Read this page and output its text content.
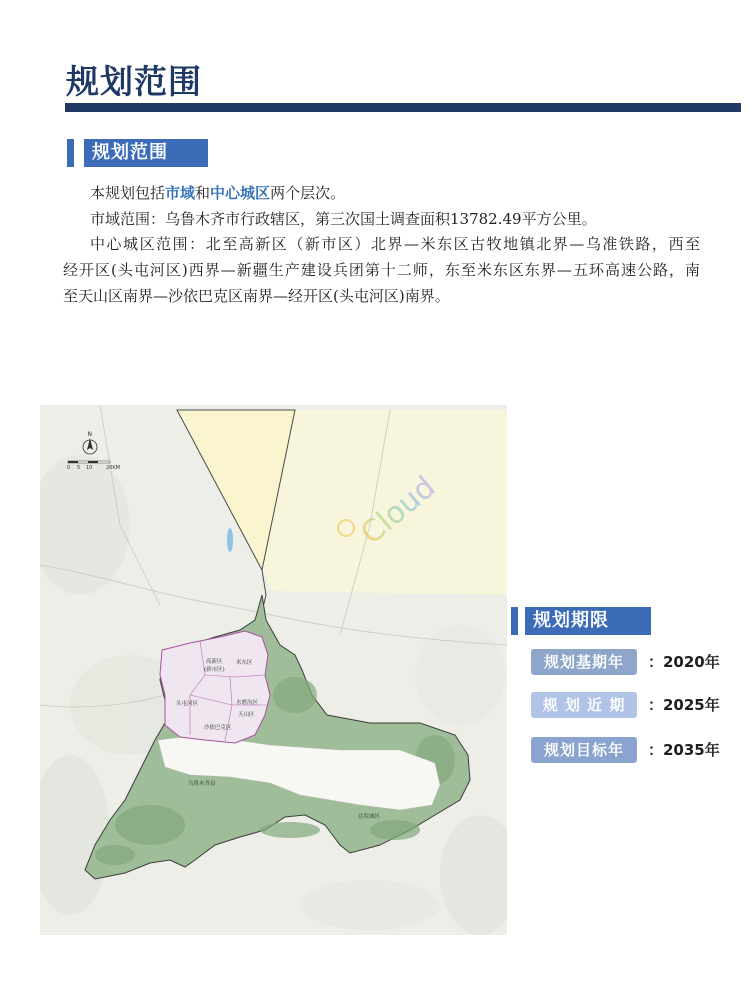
规划范围
规划范围
本规划包括市域和中心城区两个层次。
市域范围：乌鲁木齐市行政辖区，第三次国土调查面积13782.49平方公里。
中心城区范围：北至高新区（新市区）北界—米东区古牧地镇北界—乌准铁路，西至
经开区(头屯河区)西界—新疆生产建设兵团第十二师，东至米东区东界—五环高速公路，南
至天山区南界—沙依巴克区南界—经开区(头屯河区)南界。
米东区
高新区
(新市区)
头屯河区	水磨沟区
天山区
沙依巴克区
乌鲁木齐县
达坂城区
N
0 5 10	20KM
Cloud
规划期限
规划基期年	：2020年
规 划 近 期	：2025年
规划目标年	：2035年
